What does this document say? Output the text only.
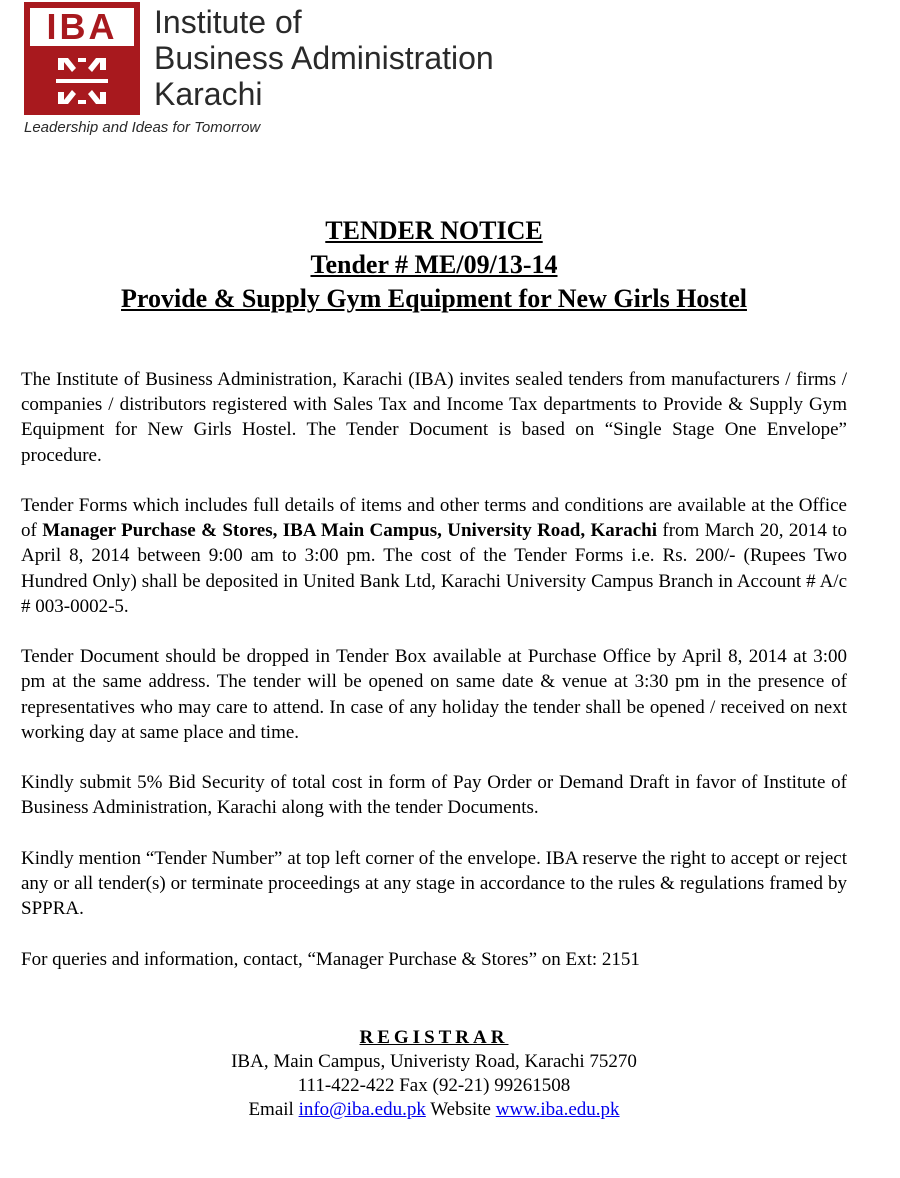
IBA	Institute of
Business Administration
Karachi
Leadership and Ideas for Tomorrow
TENDER NOTICE
Tender # ME/09/13-14
Provide & Supply Gym Equipment for New Girls Hostel

The Institute of Business Administration, Karachi (IBA) invites sealed tenders from manufacturers / firms / companies / distributors registered with Sales Tax and Income Tax departments to Provide & Supply Gym Equipment for New Girls Hostel. The Tender Document is based on “Single Stage One Envelope” procedure.

Tender Forms which includes full details of items and other terms and conditions are available at the Office of Manager Purchase & Stores, IBA Main Campus, University Road, Karachi from March 20, 2014 to April 8, 2014 between 9:00 am to 3:00 pm. The cost of the Tender Forms i.e. Rs. 200/- (Rupees Two Hundred Only) shall be deposited in United Bank Ltd, Karachi University Campus Branch in Account # A/c # 003-0002-5.

Tender Document should be dropped in Tender Box available at Purchase Office by April 8, 2014 at 3:00 pm at the same address. The tender will be opened on same date & venue at 3:30 pm in the presence of representatives who may care to attend. In case of any holiday the tender shall be opened / received on next working day at same place and time.

Kindly submit 5% Bid Security of total cost in form of Pay Order or Demand Draft in favor of Institute of Business Administration, Karachi along with the tender Documents.

Kindly mention “Tender Number” at top left corner of the envelope. IBA reserve the right to accept or reject any or all tender(s) or terminate proceedings at any stage in accordance to the rules & regulations framed by SPPRA.

For queries and information, contact, “Manager Purchase & Stores” on Ext: 2151

REGISTRAR
IBA, Main Campus, Univeristy Road, Karachi 75270
111-422-422 Fax (92-21) 99261508
Email info@iba.edu.pk Website www.iba.edu.pk
